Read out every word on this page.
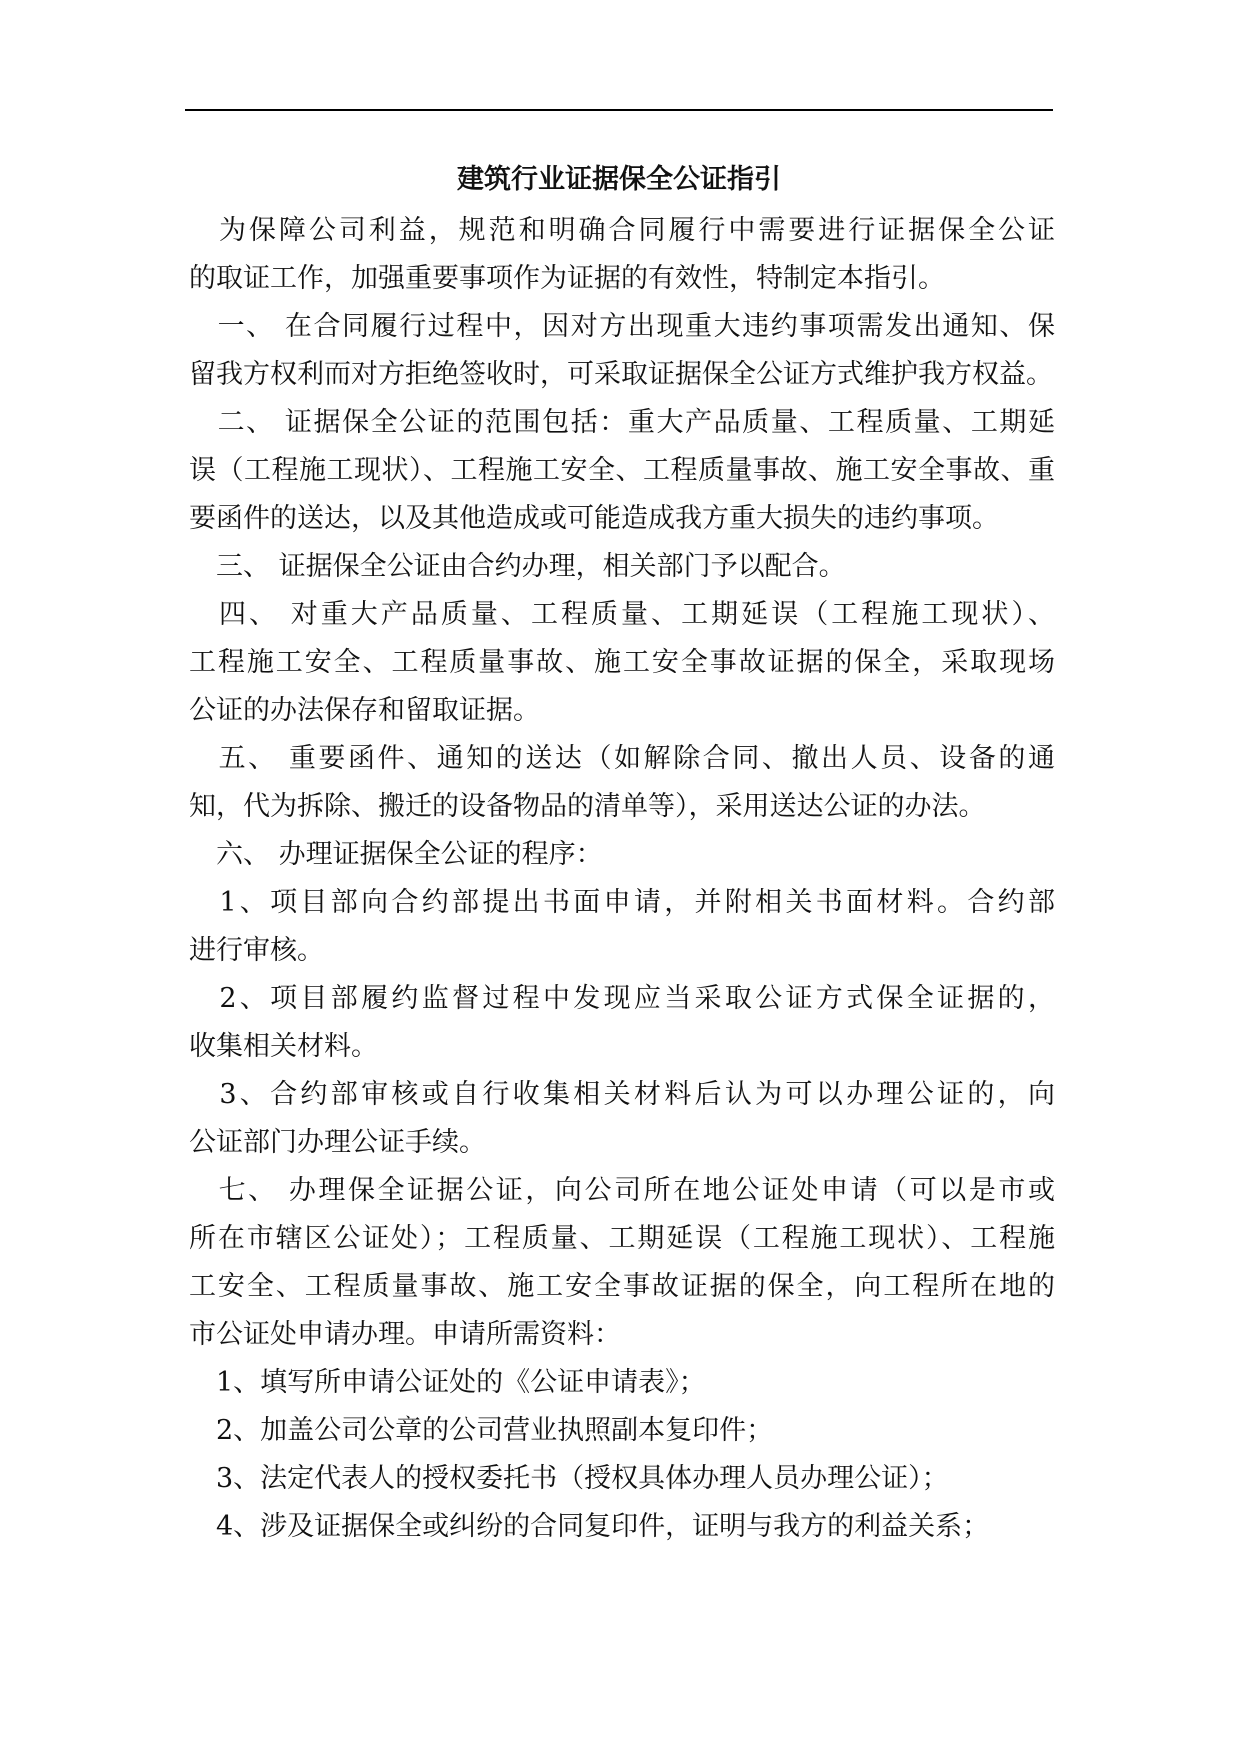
建筑行业证据保全公证指引
　为保障公司利益，规范和明确合同履行中需要进行证据保全公证
的取证工作，加强重要事项作为证据的有效性，特制定本指引。
　一、 在合同履行过程中，因对方出现重大违约事项需发出通知、保
留我方权利而对方拒绝签收时，可采取证据保全公证方式维护我方权益。
　二、 证据保全公证的范围包括：重大产品质量、工程质量、工期延
误（工程施工现状）、工程施工安全、工程质量事故、施工安全事故、重
要函件的送达，以及其他造成或可能造成我方重大损失的违约事项。
　三、 证据保全公证由合约办理，相关部门予以配合。
　四、 对重大产品质量、工程质量、工期延误（工程施工现状）、
工程施工安全、工程质量事故、施工安全事故证据的保全，采取现场
公证的办法保存和留取证据。
　五、 重要函件、通知的送达（如解除合同、撤出人员、设备的通
知，代为拆除、搬迁的设备物品的清单等），采用送达公证的办法。
　六、 办理证据保全公证的程序：
　1、项目部向合约部提出书面申请，并附相关书面材料。合约部
进行审核。
　2、项目部履约监督过程中发现应当采取公证方式保全证据的，
收集相关材料。
　3、合约部审核或自行收集相关材料后认为可以办理公证的，向
公证部门办理公证手续。
　七、 办理保全证据公证，向公司所在地公证处申请（可以是市或
所在市辖区公证处）；工程质量、工期延误（工程施工现状）、工程施
工安全、工程质量事故、施工安全事故证据的保全，向工程所在地的
市公证处申请办理。申请所需资料：
　1、填写所申请公证处的《公证申请表》；
　2、加盖公司公章的公司营业执照副本复印件；
　3、法定代表人的授权委托书（授权具体办理人员办理公证）；
　4、涉及证据保全或纠纷的合同复印件，证明与我方的利益关系；
